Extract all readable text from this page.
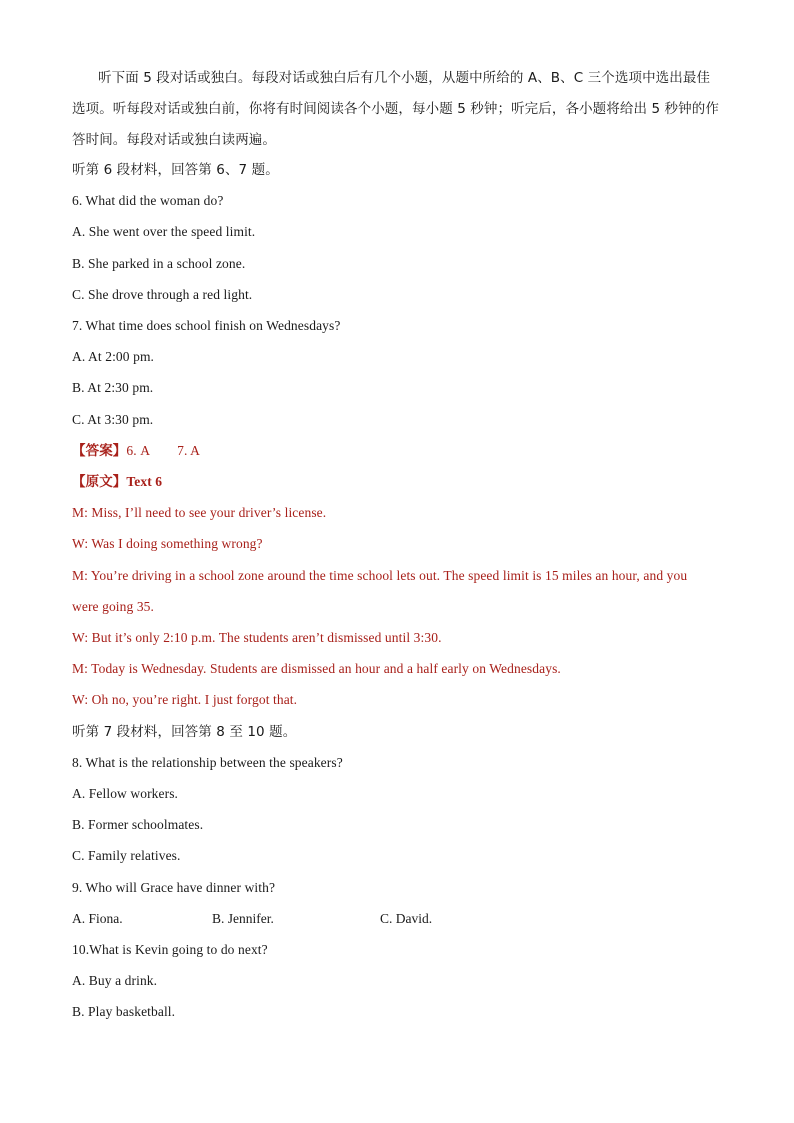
听下面 5 段对话或独白。每段对话或独白后有几个小题，从题中所给的 A、B、C 三个选项中选出最佳选项。听每段对话或独白前，你将有时间阅读各个小题，每小题 5 秒钟；听完后，各小题将给出 5 秒钟的作答时间。每段对话或独白读两遍。
听第 6 段材料，回答第 6、7 题。
6. What did the woman do?
A. She went over the speed limit.
B. She parked in a school zone.
C. She drove through a red light.
7. What time does school finish on Wednesdays?
A. At 2:00 pm.
B. At 2:30 pm.
C. At 3:30 pm.
【答案】6. A        7. A
【原文】Text 6
M: Miss, I’ll need to see your driver’s license.
W: Was I doing something wrong?
M: You’re driving in a school zone around the time school lets out. The speed limit is 15 miles an hour, and you
were going 35.
W: But it’s only 2:10 p.m. The students aren’t dismissed until 3:30.
M: Today is Wednesday. Students are dismissed an hour and a half early on Wednesdays.
W: Oh no, you’re right. I just forgot that.
听第 7 段材料，回答第 8 至 10 题。
8. What is the relationship between the speakers?
A. Fellow workers.
B. Former schoolmates.
C. Family relatives.
9. Who will Grace have dinner with?
A. Fiona.	B. Jennifer.	C. David.
10.What is Kevin going to do next?
A. Buy a drink.
B. Play basketball.
